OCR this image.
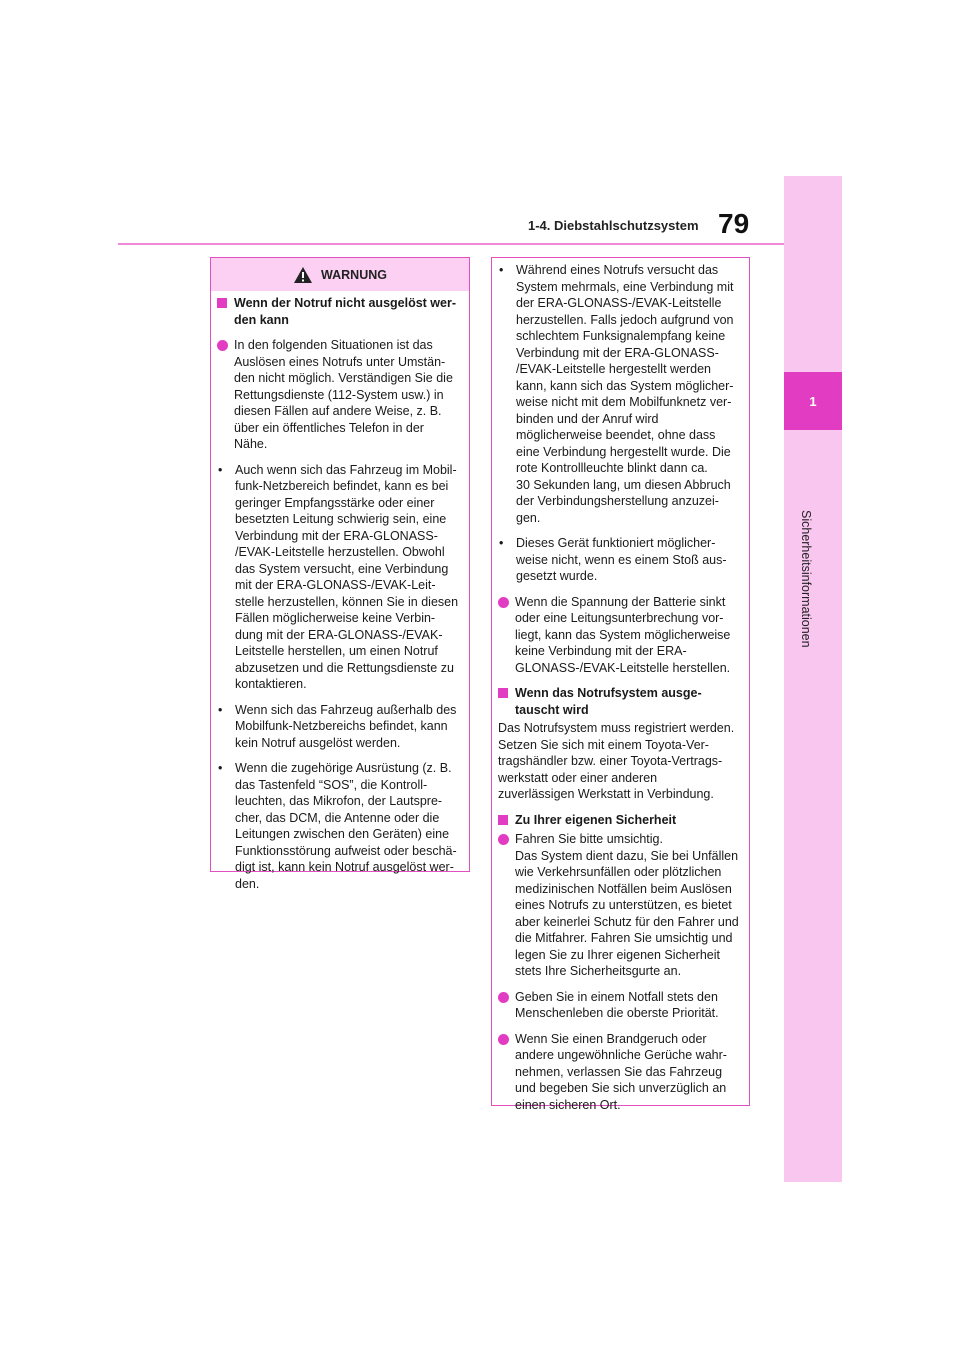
1
Sicherheitsinformationen
1-4. Diebstahlschutzsystem 79
WARNUNG
Wenn der Notruf nicht ausgelöst wer-
den kann
In den folgenden Situationen ist das
Auslösen eines Notrufs unter Umstän-
den nicht möglich. Verständigen Sie die
Rettungsdienste (112-System usw.) in
diesen Fällen auf andere Weise, z. B.
über ein öffentliches Telefon in der
Nähe.
•	Auch wenn sich das Fahrzeug im Mobil-
funk-Netzbereich befindet, kann es bei
geringer Empfangsstärke oder einer
besetzten Leitung schwierig sein, eine
Verbindung mit der ERA-GLONASS-
/EVAK-Leitstelle herzustellen. Obwohl
das System versucht, eine Verbindung
mit der ERA-GLONASS-/EVAK-Leit-
stelle herzustellen, können Sie in diesen
Fällen möglicherweise keine Verbin-
dung mit der ERA-GLONASS-/EVAK-
Leitstelle herstellen, um einen Notruf
abzusetzen und die Rettungsdienste zu
kontaktieren.
•	Wenn sich das Fahrzeug außerhalb des
Mobilfunk-Netzbereichs befindet, kann
kein Notruf ausgelöst werden.
•	Wenn die zugehörige Ausrüstung (z. B.
das Tastenfeld “SOS”, die Kontroll-
leuchten, das Mikrofon, der Lautspre-
cher, das DCM, die Antenne oder die
Leitungen zwischen den Geräten) eine
Funktionsstörung aufweist oder beschä-
digt ist, kann kein Notruf ausgelöst wer-
den.
•	Während eines Notrufs versucht das
System mehrmals, eine Verbindung mit
der ERA-GLONASS-/EVAK-Leitstelle
herzustellen. Falls jedoch aufgrund von
schlechtem Funksignalempfang keine
Verbindung mit der ERA-GLONASS-
/EVAK-Leitstelle hergestellt werden
kann, kann sich das System möglicher-
weise nicht mit dem Mobilfunknetz ver-
binden und der Anruf wird
möglicherweise beendet, ohne dass
eine Verbindung hergestellt wurde. Die
rote Kontrollleuchte blinkt dann ca.
30 Sekunden lang, um diesen Abbruch
der Verbindungsherstellung anzuzei-
gen.
•	Dieses Gerät funktioniert möglicher-
weise nicht, wenn es einem Stoß aus-
gesetzt wurde.
Wenn die Spannung der Batterie sinkt
oder eine Leitungsunterbrechung vor-
liegt, kann das System möglicherweise
keine Verbindung mit der ERA-
GLONASS-/EVAK-Leitstelle herstellen.
Wenn das Notrufsystem ausge-
tauscht wird
Das Notrufsystem muss registriert werden.
Setzen Sie sich mit einem Toyota-Ver-
tragshändler bzw. einer Toyota-Vertrags-
werkstatt oder einer anderen
zuverlässigen Werkstatt in Verbindung.
Zu Ihrer eigenen Sicherheit
Fahren Sie bitte umsichtig.
Das System dient dazu, Sie bei Unfällen
wie Verkehrsunfällen oder plötzlichen
medizinischen Notfällen beim Auslösen
eines Notrufs zu unterstützen, es bietet
aber keinerlei Schutz für den Fahrer und
die Mitfahrer. Fahren Sie umsichtig und
legen Sie zu Ihrer eigenen Sicherheit
stets Ihre Sicherheitsgurte an.
Geben Sie in einem Notfall stets den
Menschenleben die oberste Priorität.
Wenn Sie einen Brandgeruch oder
andere ungewöhnliche Gerüche wahr-
nehmen, verlassen Sie das Fahrzeug
und begeben Sie sich unverzüglich an
einen sicheren Ort.
